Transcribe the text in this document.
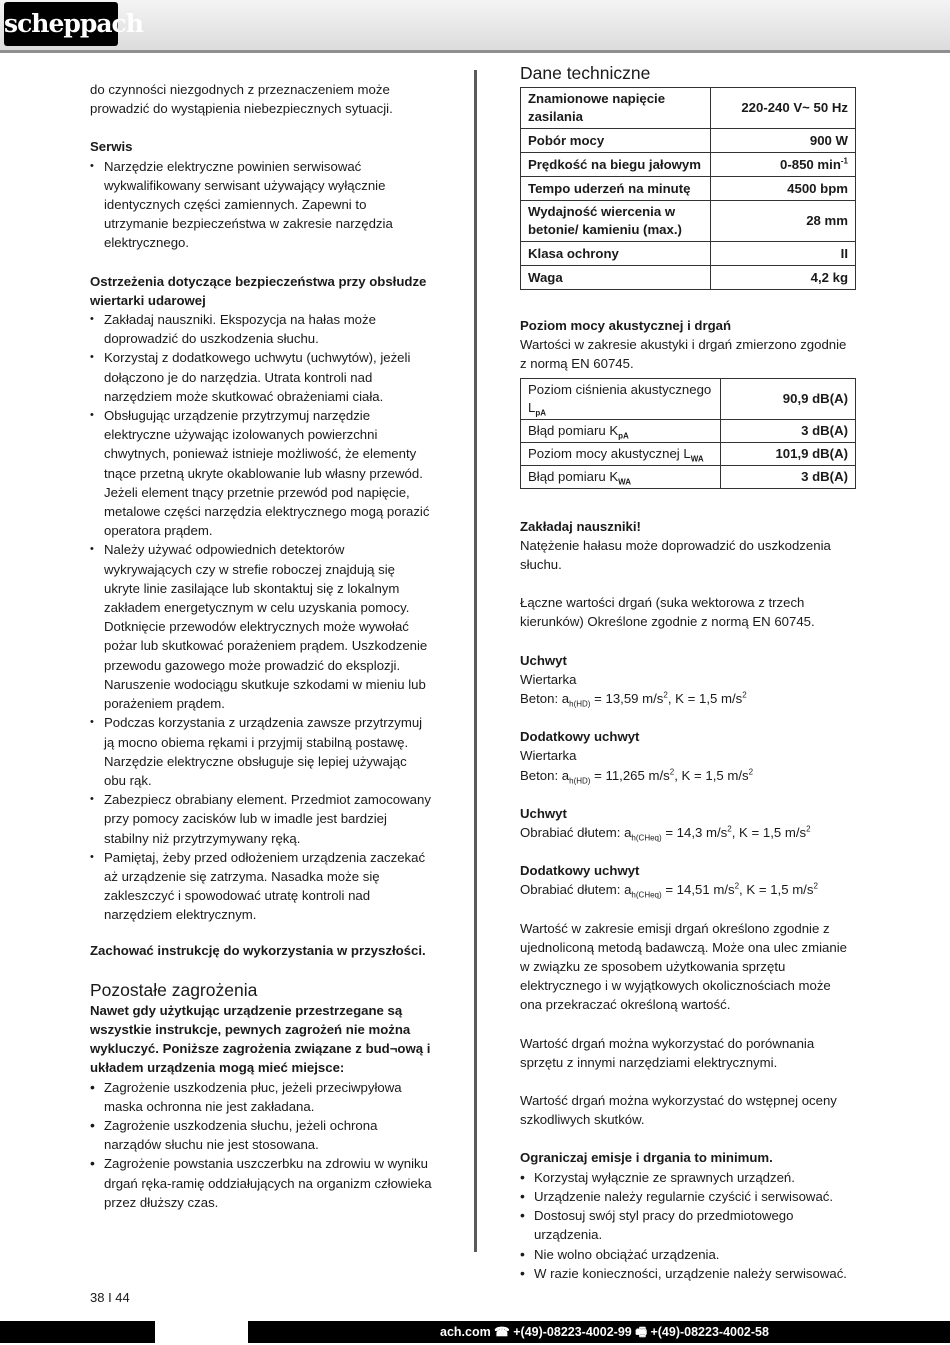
scheppach

do czynności niezgodnych z przeznaczeniem może prowadzić do wystąpienia niebezpiecznych sytuacji.

Serwis

• Narzędzie elektryczne powinien serwisować wykwalifikowany serwisant używający wyłącznie identycznych części zamiennych. Zapewni to utrzymanie bezpieczeństwa w zakresie narzędzia elektrycznego.

Ostrzeżenia dotyczące bezpieczeństwa przy obsłudze wiertarki udarowej

• Zakładaj nauszniki. Ekspozycja na hałas może doprowadzić do uszkodzenia słuchu.
• Korzystaj z dodatkowego uchwytu (uchwytów), jeżeli dołączono je do narzędzia. Utrata kontroli nad narzędziem może skutkować obrażeniami ciała.
• Obsługując urządzenie przytrzymuj narzędzie elektryczne używając izolowanych powierzchni chwytnych, ponieważ istnieje możliwość, że elementy tnące przetną ukryte okablowanie lub własny przewód. Jeżeli element tnący przetnie przewód pod napięcie, metalowe części narzędzia elektrycznego mogą porazić operatora prądem.
• Należy używać odpowiednich detektorów wykrywających czy w strefie roboczej znajdują się ukryte linie zasilające lub skontaktuj się z lokalnym zakładem energetycznym w celu uzyskania pomocy. Dotknięcie przewodów elektrycznych może wywołać pożar lub skutkować porażeniem prądem. Uszkodzenie przewodu gazowego może prowadzić do eksplozji. Naruszenie wodociągu skutkuje szkodami w mieniu lub porażeniem prądem.
• Podczas korzystania z urządzenia zawsze przytrzymuj ją mocno obiema rękami i przyjmij stabilną postawę. Narzędzie elektryczne obsługuje się lepiej używając obu rąk.
• Zabezpiecz obrabiany element. Przedmiot zamocowany przy pomocy zacisków lub w imadle jest bardziej stabilny niż przytrzymywany ręką.
• Pamiętaj, żeby przed odłożeniem urządzenia zaczekać aż urządzenie się zatrzyma. Nasadka może się zakleszczyć i spowodować utratę kontroli nad narzędziem elektrycznym.

Zachować instrukcję do wykorzystania w przyszłości.

Pozostałe zagrożenia

Nawet gdy użytkując urządzenie przestrzegane są wszystkie instrukcje, pewnych zagrożeń nie można wykluczyć. Poniższe zagrożenia związane z bud¬ową i układem urządzenia mogą mieć miejsce:

• Zagrożenie uszkodzenia płuc, jeżeli przeciwpyłowa maska ochronna nie jest zakładana.
• Zagrożenie uszkodzenia słuchu, jeżeli ochrona narządów słuchu nie jest stosowana.
• Zagrożenie powstania uszczerbku na zdrowiu w wyniku drgań ręka-ramię oddziałujących na organizm człowieka przez dłuższy czas.
Dane techniczne
Znamionowe napięcie zasilania	220-240 V~ 50 Hz
Pobór mocy	900 W
Prędkość na biegu jałowym	0-850 $\min^{-1}$
Tempo uderzeń na minutę	4500 bpm
Wydajność wiercenia w betonie/ kamieniu (max.)	28 mm
Klasa ochrony	II
Waga	4,2 kg

Poziom mocy akustycznej i drgań

Wartości w zakresie akustyki i drgań zmierzono zgodnie z normą EN 60745.

Poziom ciśnienia akustycznego $L_{pA}$	90,9 dB(A)
Błąd pomiaru $K_{pA}$	3 dB(A)
Poziom mocy akustycznej $L_{WA}$	101,9 dB(A)
Błąd pomiaru $K_{WA}$	3 dB(A)

Zakładaj nauszniki!

Natężenie hałasu może doprowadzić do uszkodzenia słuchu.

Łączne wartości drgań (suka wektorowa z trzech kierunków) Określone zgodnie z normą EN 60745.

Uchwyt

Wiertarka

Beton: $a_{h(HD)} = 13,59$ $m/s^2$, K = 1,5 $m/s^2$

Dodatkowy uchwyt

Wiertarka

Beton: $a_{h(HD)} = 11,265$ $m/s^2$, K = 1,5 $m/s^2$

Uchwyt

Obrabiać dłutem: $a_{h(CHeq)} = 14,3$ $m/s^2$, K = 1,5 $m/s^2$

Dodatkowy uchwyt

Obrabiać dłutem: $a_{h(CHeq)} = 14,51$ $m/s^2$, K = 1,5 $m/s^2$

Wartość w zakresie emisji drgań określono zgodnie z ujednoliconą metodą badawczą. Może ona ulec zmianie w związku ze sposobem użytkowania sprzętu elektrycznego i w wyjątkowych okolicznościach może ona przekraczać określoną wartość.

Wartość drgań można wykorzystać do porównania sprzętu z innymi narzędziami elektrycznymi.

Wartość drgań można wykorzystać do wstępnej oceny szkodliwych skutków.

Ograniczaj emisje i drgania to minimum.

• Korzystaj wyłącznie ze sprawnych urządzeń.
• Urządzenie należy regularnie czyścić i serwisować.
• Dostosuj swój styl pracy do przedmiotowego urządzenia.
• Nie wolno obciążać urządzenia.
• W razie konieczności, urządzenie należy serwisować.
38 I 44
ach.com ☎ +(49)-08223-4002-99 🖷 +(49)-08223-4002-58
